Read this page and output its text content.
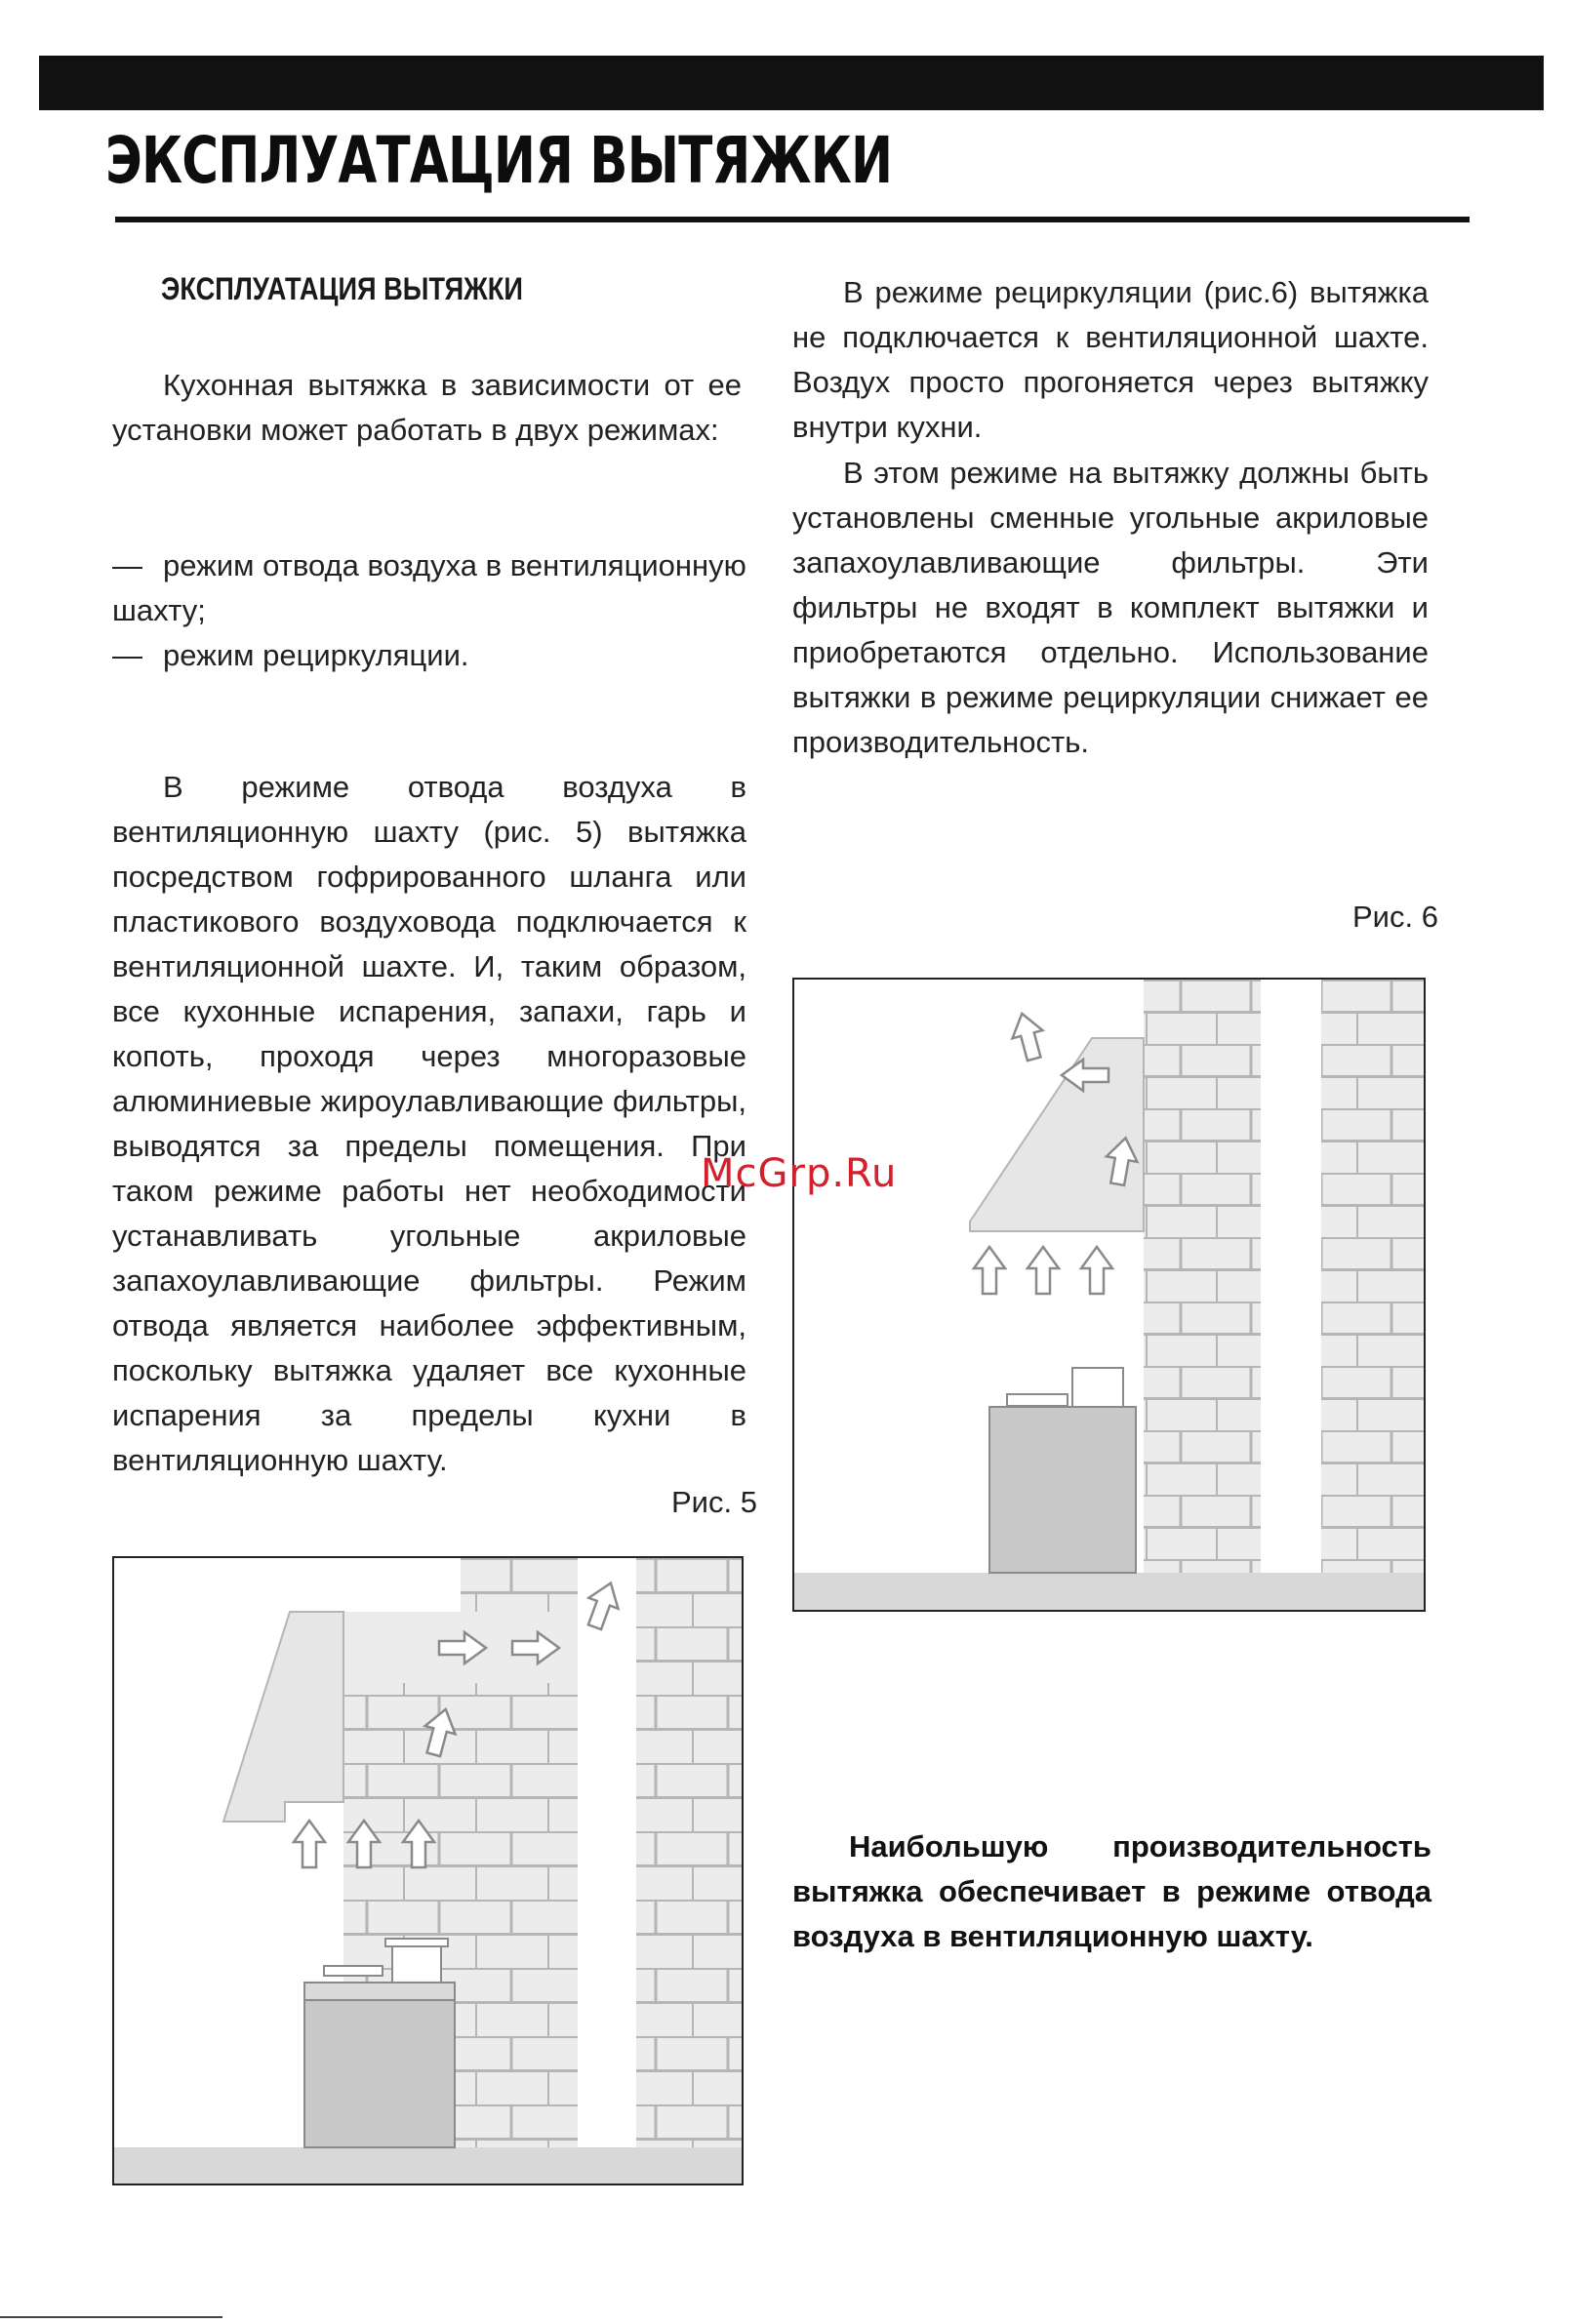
ЭКСПЛУАТАЦИЯ ВЫТЯЖКИ
ЭКСПЛУАТАЦИЯ ВЫТЯЖКИ

Кухонная вытяжка в зависимости от ее установки может работать в двух режимах:

— режим отвода воздуха в вентиляционную шахту;

— режим рециркуляции.

В режиме отвода воздуха в вентиляционную шахту (рис. 5) вытяжка посредством гофрированного шланга или пластикового воздуховода подключается к вентиляционной шахте. И, таким образом, все кухонные испарения, запахи, гарь и копоть, проходя через многоразовые алюминиевые жироулавливающие фильтры, выводятся за пределы помещения. При таком режиме работы нет необходимости устанавливать угольные акриловые запахоулавливающие фильтры. Режим отвода является наиболее эффективным, поскольку вытяжка удаляет все кухонные испарения за пределы кухни в вентиляционную шахту.

Рис. 5

В режиме рециркуляции (рис.6) вытяжка не подключается к вентиляционной шахте. Воздух просто прогоняется через вытяжку внутри кухни.

В этом режиме на вытяжку должны быть установлены сменные угольные акриловые запахоулавливающие фильтры. Эти фильтры не входят в комплект вытяжки и приобретаются отдельно. Использование вытяжки в режиме рециркуляции снижает ее производительность.

Рис. 6
McGrp.Ru

Наибольшую производительность вытяжка обеспечивает в режиме отвода воздуха в вентиляционную шахту.
